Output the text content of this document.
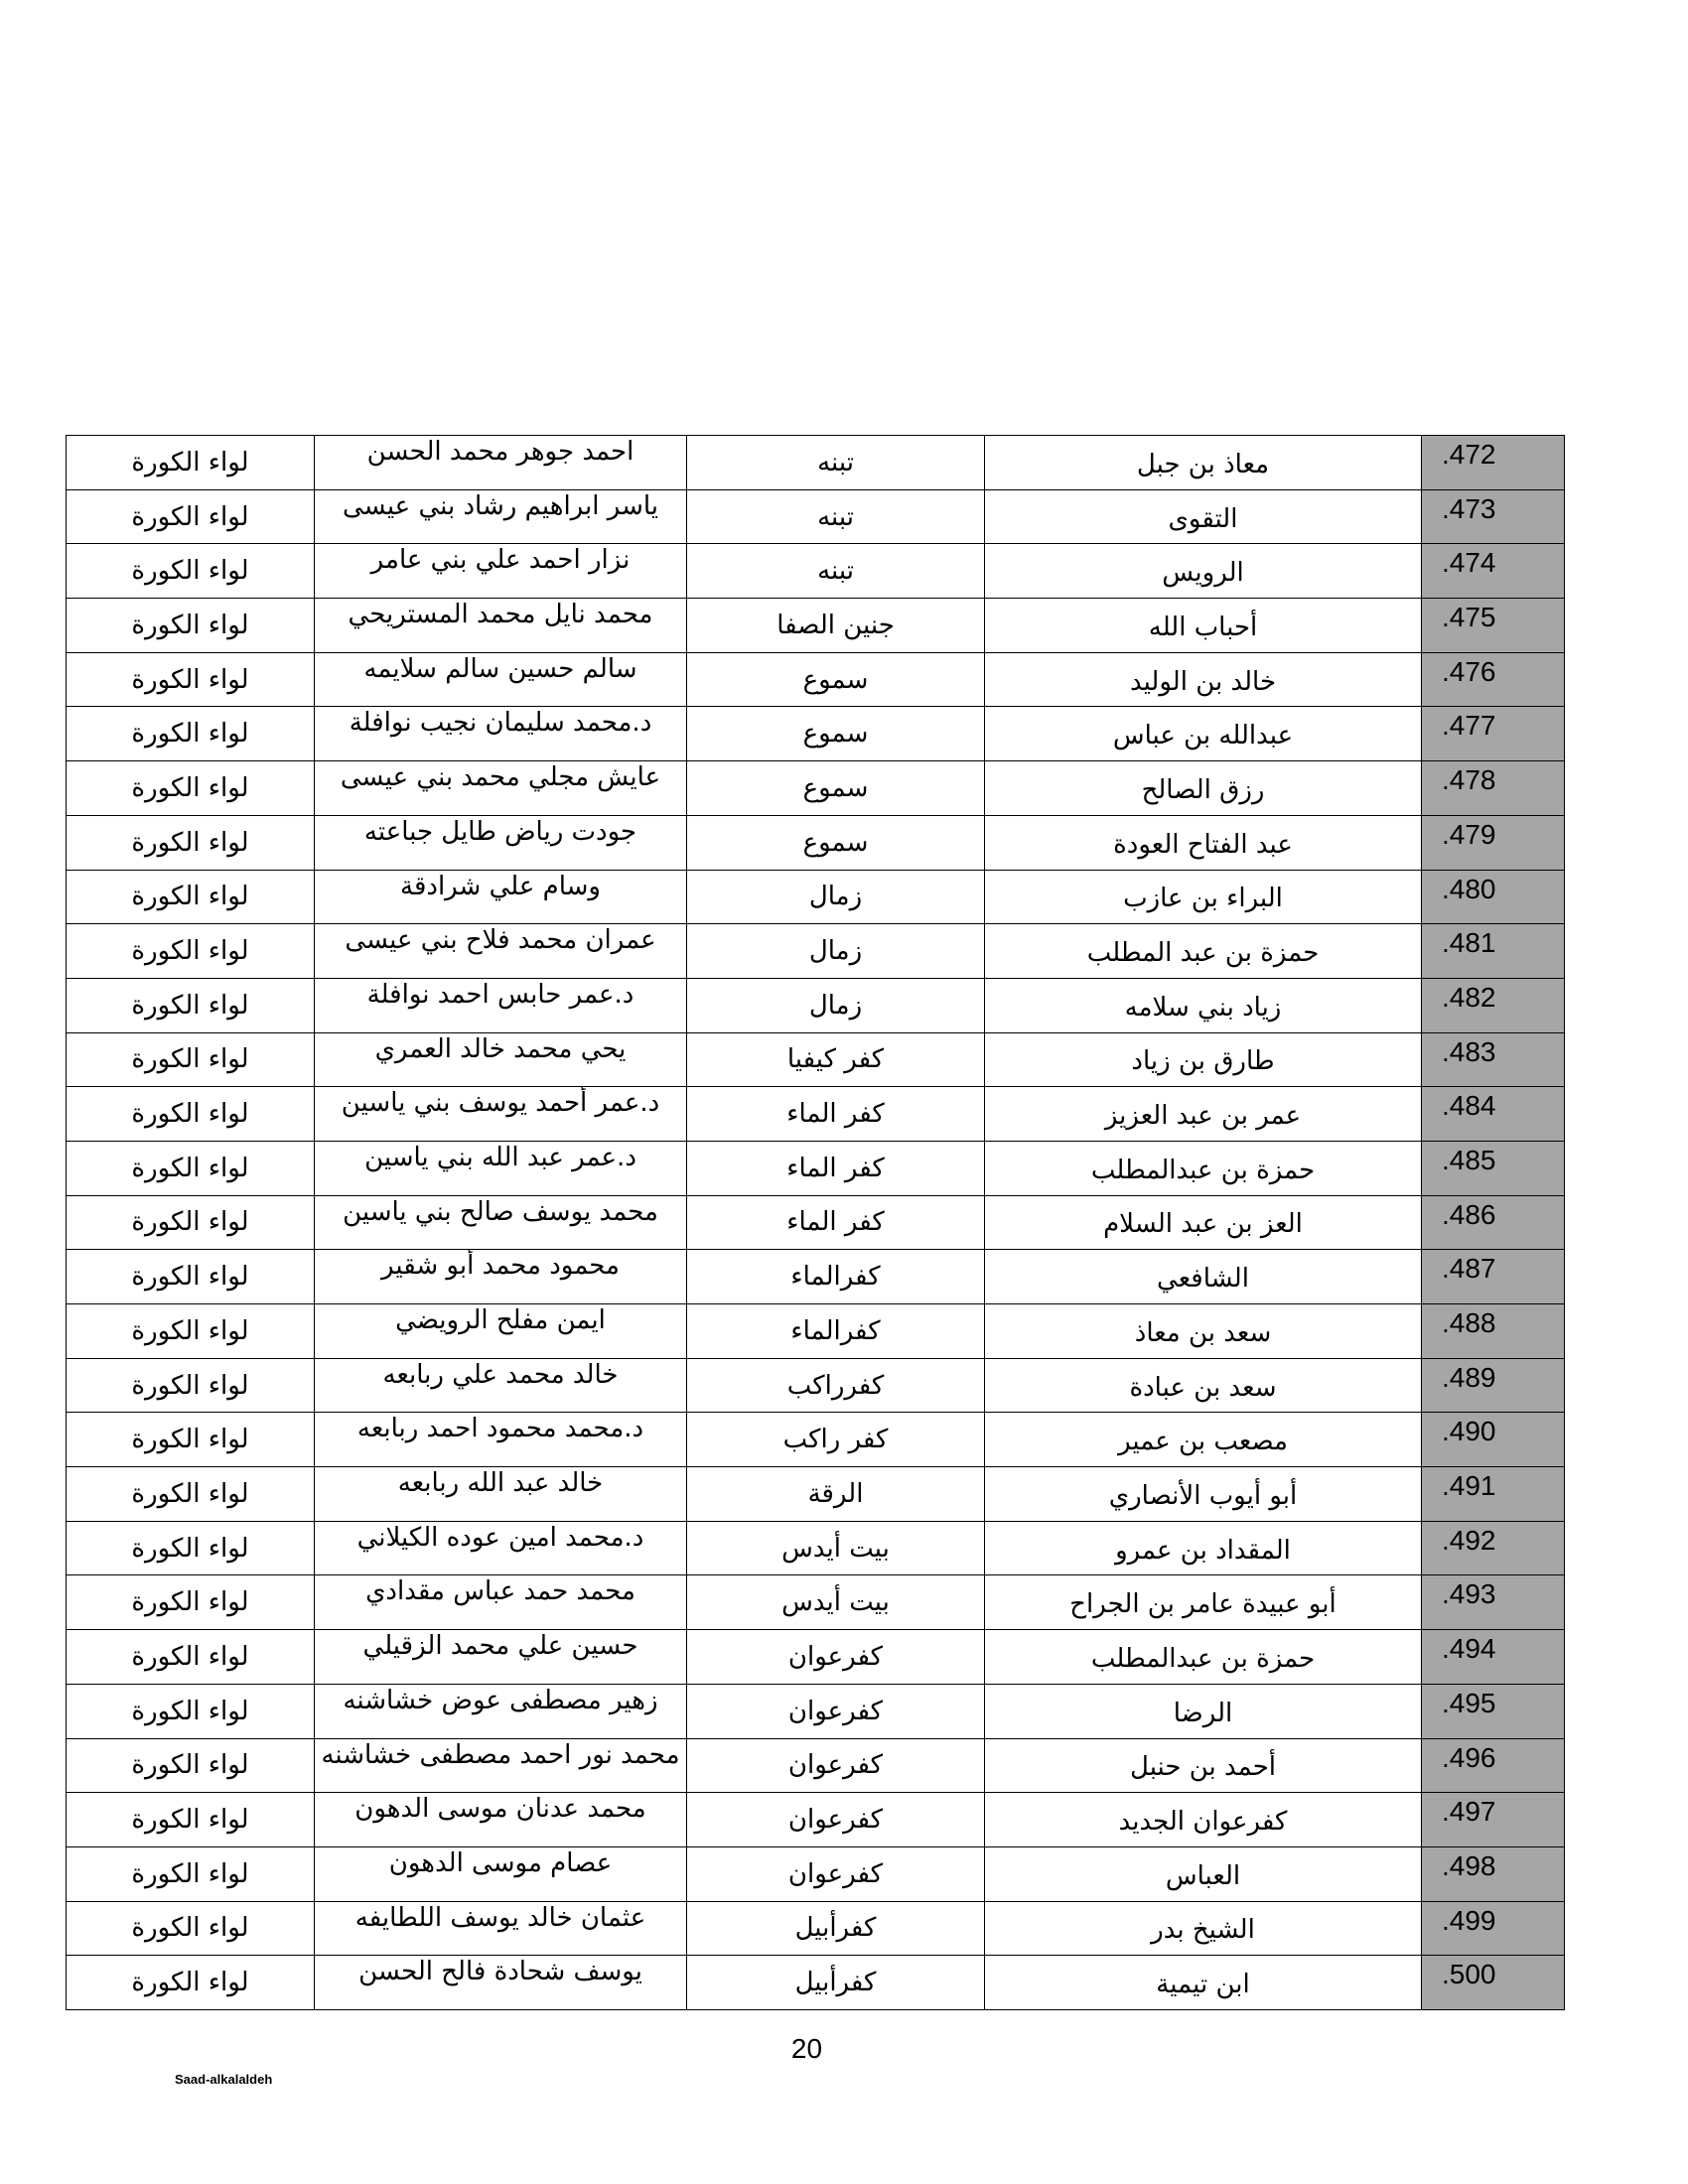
لواء الكورة	احمد جوهر محمد الحسن	تبنه	معاذ بن جبل	.472
لواء الكورة	ياسر ابراهيم رشاد بني عيسى	تبنه	التقوى	.473
لواء الكورة	نزار احمد علي بني عامر	تبنه	الرويس	.474
لواء الكورة	محمد نايل محمد المستريحي	جنين الصفا	أحباب الله	.475
لواء الكورة	سالم حسين سالم سلايمه	سموع	خالد بن الوليد	.476
لواء الكورة	د.محمد سليمان نجيب نوافلة	سموع	عبدالله بن عباس	.477
لواء الكورة	عايش مجلي محمد بني عيسى	سموع	رزق الصالح	.478
لواء الكورة	جودت رياض طايل جباعته	سموع	عبد الفتاح العودة	.479
لواء الكورة	وسام علي شرادقة	زمال	البراء بن عازب	.480
لواء الكورة	عمران محمد فلاح بني عيسى	زمال	حمزة بن عبد المطلب	.481
لواء الكورة	د.عمر حابس احمد نوافلة	زمال	زياد بني سلامه	.482
لواء الكورة	يحي محمد خالد العمري	كفر كيفيا	طارق بن زياد	.483
لواء الكورة	د.عمر أحمد يوسف بني ياسين	كفر الماء	عمر بن عبد العزيز	.484
لواء الكورة	د.عمر عبد الله بني ياسين	كفر الماء	حمزة بن عبدالمطلب	.485
لواء الكورة	محمد يوسف صالح بني ياسين	كفر الماء	العز بن عبد السلام	.486
لواء الكورة	محمود محمد أبو شقير	كفرالماء	الشافعي	.487
لواء الكورة	ايمن مفلح الرويضي	كفرالماء	سعد بن معاذ	.488
لواء الكورة	خالد محمد علي ربابعه	كفرراكب	سعد بن عبادة	.489
لواء الكورة	د.محمد محمود احمد ربابعه	كفر راكب	مصعب بن عمير	.490
لواء الكورة	خالد عبد الله ربابعه	الرقة	أبو أيوب الأنصاري	.491
لواء الكورة	د.محمد امين عوده الكيلاني	بيت أيدس	المقداد بن عمرو	.492
لواء الكورة	محمد حمد عباس مقدادي	بيت أيدس	أبو عبيدة عامر بن الجراح	.493
لواء الكورة	حسين علي محمد الزقيلي	كفرعوان	حمزة بن عبدالمطلب	.494
لواء الكورة	زهير مصطفى عوض خشاشنه	كفرعوان	الرضا	.495
لواء الكورة	محمد نور احمد مصطفى خشاشنه	كفرعوان	أحمد بن حنبل	.496
لواء الكورة	محمد عدنان موسى الدهون	كفرعوان	كفرعوان الجديد	.497
لواء الكورة	عصام موسى الدهون	كفرعوان	العباس	.498
لواء الكورة	عثمان خالد يوسف اللطايفه	كفرأبيل	الشيخ بدر	.499
لواء الكورة	يوسف شحادة فالح الحسن	كفرأبيل	ابن تيمية	.500
20
Saad-alkalaldeh
